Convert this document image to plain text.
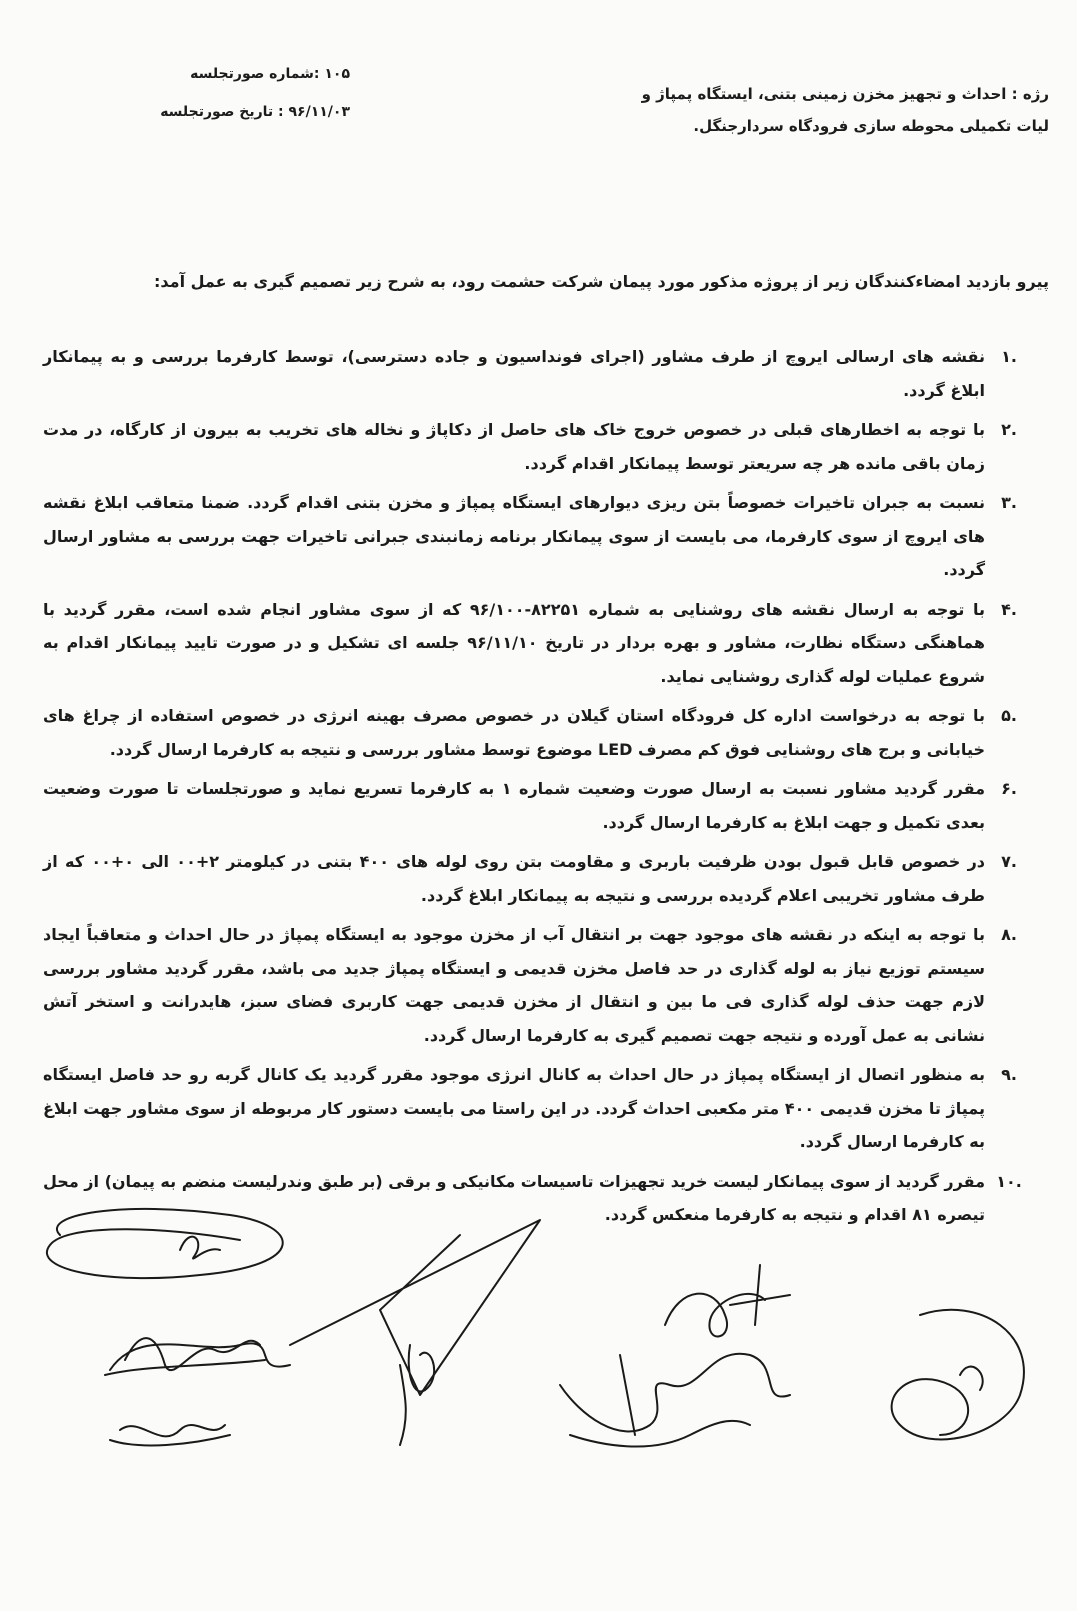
۱۰۵ :شماره صورتجلسه
۹۶/۱۱/۰۳ : تاریخ صورتجلسه
رژه : احداث و تجهیز مخزن زمینی بتنی، ایستگاه پمپاژ و
لیات تکمیلی محوطه سازی فرودگاه سردارجنگل.
پیرو بازدید امضاءکنندگان زیر از پروژه مذکور مورد پیمان شرکت حشمت رود، به شرح زیر تصمیم گیری به عمل آمد:
.۱
نقشه های ارسالی ایروچ از طرف مشاور (اجرای فونداسیون و جاده دسترسی)، توسط کارفرما بررسی و به پیمانکار ابلاغ گردد.
.۲
با توجه به اخطارهای قبلی در خصوص خروج خاک های حاصل از دکاپاژ و نخاله های تخریب به بیرون از کارگاه، در مدت زمان باقی مانده هر چه سریعتر توسط پیمانکار اقدام گردد.
.۳
نسبت به جبران تاخیرات خصوصاً بتن ریزی دیوارهای ایستگاه پمپاژ و مخزن بتنی اقدام گردد. ضمنا متعاقب ابلاغ نقشه های ایروچ از سوی کارفرما، می بایست از سوی پیمانکار برنامه زمانبندی جبرانی تاخیرات جهت بررسی به مشاور ارسال گردد.
.۴
با توجه به ارسال نقشه های روشنایی به شماره ۸۲۲۵۱-۹۶/۱۰۰ که از سوی مشاور انجام شده است، مقرر گردید با هماهنگی دستگاه نظارت، مشاور و بهره بردار در تاریخ ۹۶/۱۱/۱۰ جلسه ای تشکیل و در صورت تایید پیمانکار اقدام به شروع عملیات لوله گذاری روشنایی نماید.
.۵
با توجه به درخواست اداره کل فرودگاه استان گیلان در خصوص مصرف بهینه انرژی در خصوص استفاده از چراغ های خیابانی و برج های روشنایی فوق کم مصرف LED موضوع توسط مشاور بررسی و نتیجه به کارفرما ارسال گردد.
.۶
مقرر گردید مشاور نسبت به ارسال صورت وضعیت شماره ۱ به کارفرما تسریع نماید و صورتجلسات تا صورت وضعیت بعدی تکمیل و جهت ابلاغ به کارفرما ارسال گردد.
.۷
در خصوص قابل قبول بودن ظرفیت باربری و مقاومت بتن روی لوله های ۴۰۰ بتنی در کیلومتر ۲+۰۰ الی ۰+۰۰ که از طرف مشاور تخریبی اعلام گردیده بررسی و نتیجه به پیمانکار ابلاغ گردد.
.۸
با توجه به اینکه در نقشه های موجود جهت بر انتقال آب از مخزن موجود به ایستگاه پمپاژ در حال احداث و متعاقباً ایجاد سیستم توزیع نیاز به لوله گذاری در حد فاصل مخزن قدیمی و ایستگاه پمپاژ جدید می باشد، مقرر گردید مشاور بررسی لازم جهت حذف لوله گذاری فی ما بین و انتقال از مخزن قدیمی جهت کاربری فضای سبز، هایدرانت و استخر آتش نشانی به عمل آورده و نتیجه جهت تصمیم گیری به کارفرما ارسال گردد.
.۹
به منظور اتصال از ایستگاه پمپاژ در حال احداث به کانال انرژی موجود مقرر گردید یک کانال گربه رو حد فاصل ایستگاه پمپاژ تا مخزن قدیمی ۴۰۰ متر مکعبی احداث گردد. در این راستا می بایست دستور کار مربوطه از سوی مشاور جهت ابلاغ به کارفرما ارسال گردد.
.۱۰
مقرر گردید از سوی پیمانکار لیست خرید تجهیزات تاسیسات مکانیکی و برقی (بر طبق وندرلیست منضم به پیمان) از محل تیصره ۸۱ اقدام و نتیجه به کارفرما منعکس گردد.
